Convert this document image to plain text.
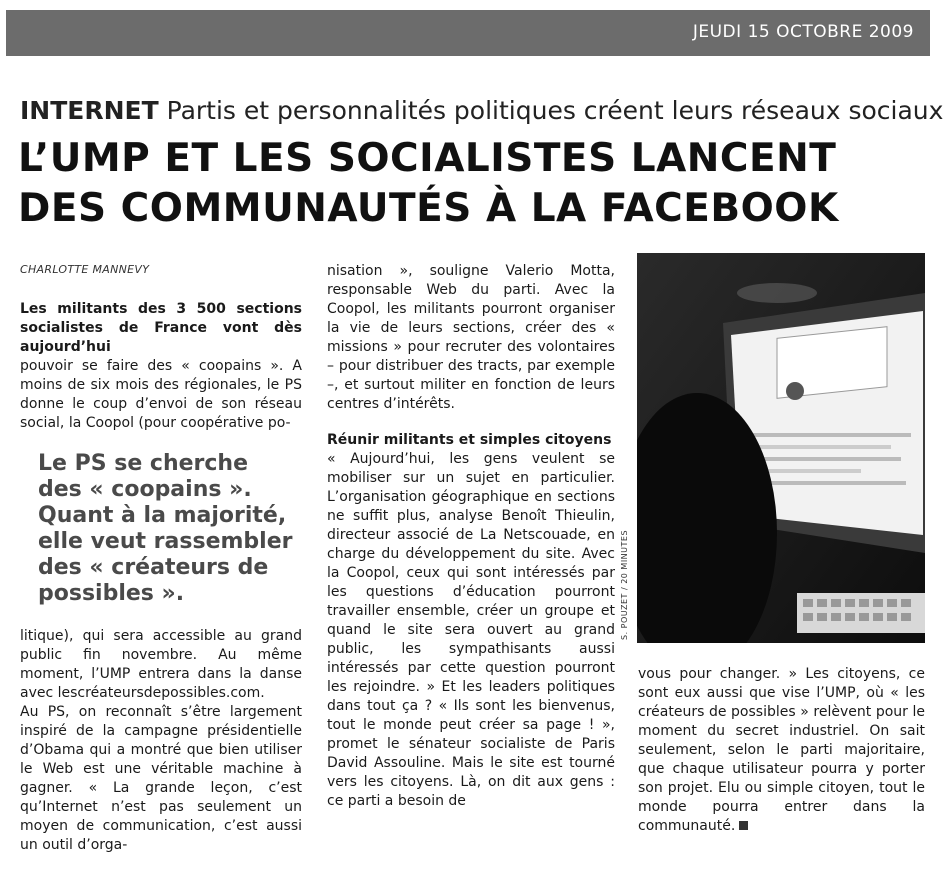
JEUDI 15 OCTOBRE 2009
INTERNET Partis et personnalités politiques créent leurs réseaux sociaux
L’UMP ET LES SOCIALISTES LANCENT
DES COMMUNAUTÉS À LA FACEBOOK
CHARLOTTE MANNEVY

Les militants des 3 500 sections socialistes de France vont dès aujourd’hui

pouvoir se faire des « coopains ». A moins de six mois des régionales, le PS donne le coup d’envoi de son réseau social, la Coopol (pour coopérative po-

Le PS se cherche des « coopains ». Quant à la majorité, elle veut rassembler des « créateurs de possibles ».

litique), qui sera accessible au grand public fin novembre. Au même moment, l’UMP entrera dans la danse avec lescréateursdepossibles.com.

Au PS, on reconnaît s’être largement inspiré de la campagne présidentielle d’Obama qui a montré que bien utiliser le Web est une véritable machine à gagner. « La grande leçon, c’est qu’Internet n’est pas seulement un moyen de communication, c’est aussi un outil d’orga-

nisation », souligne Valerio Motta, responsable Web du parti. Avec la Coopol, les militants pourront organiser la vie de leurs sections, créer des « missions » pour recruter des volontaires – pour distribuer des tracts, par exemple –, et surtout militer en fonction de leurs centres d’intérêts.

Réunir militants et simples citoyens

« Aujourd’hui, les gens veulent se mobiliser sur un sujet en particulier. L’organisation géographique en sections ne suffit plus, analyse Benoît Thieulin, directeur associé de La Netscouade, en charge du développement du site. Avec la Coopol, ceux qui sont intéressés par les questions d’éducation pourront travailler ensemble, créer un groupe et quand le site sera ouvert au grand public, les sympathisants aussi intéressés par cette question pourront les rejoindre. » Et les leaders politiques dans tout ça ? « Ils sont les bienvenus, tout le monde peut créer sa page ! », promet le sénateur socialiste de Paris David Assouline. Mais le site est tourné vers les citoyens. Là, on dit aux gens : ce parti a besoin de

S. POUZET / 20 MINUTES

vous pour changer. » Les citoyens, ce sont eux aussi que vise l’UMP, où « les créateurs de possibles » relèvent pour le moment du secret industriel. On sait seulement, selon le parti majoritaire, que chaque utilisateur pourra y porter son projet. Elu ou simple citoyen, tout le monde pourra entrer dans la communauté.
